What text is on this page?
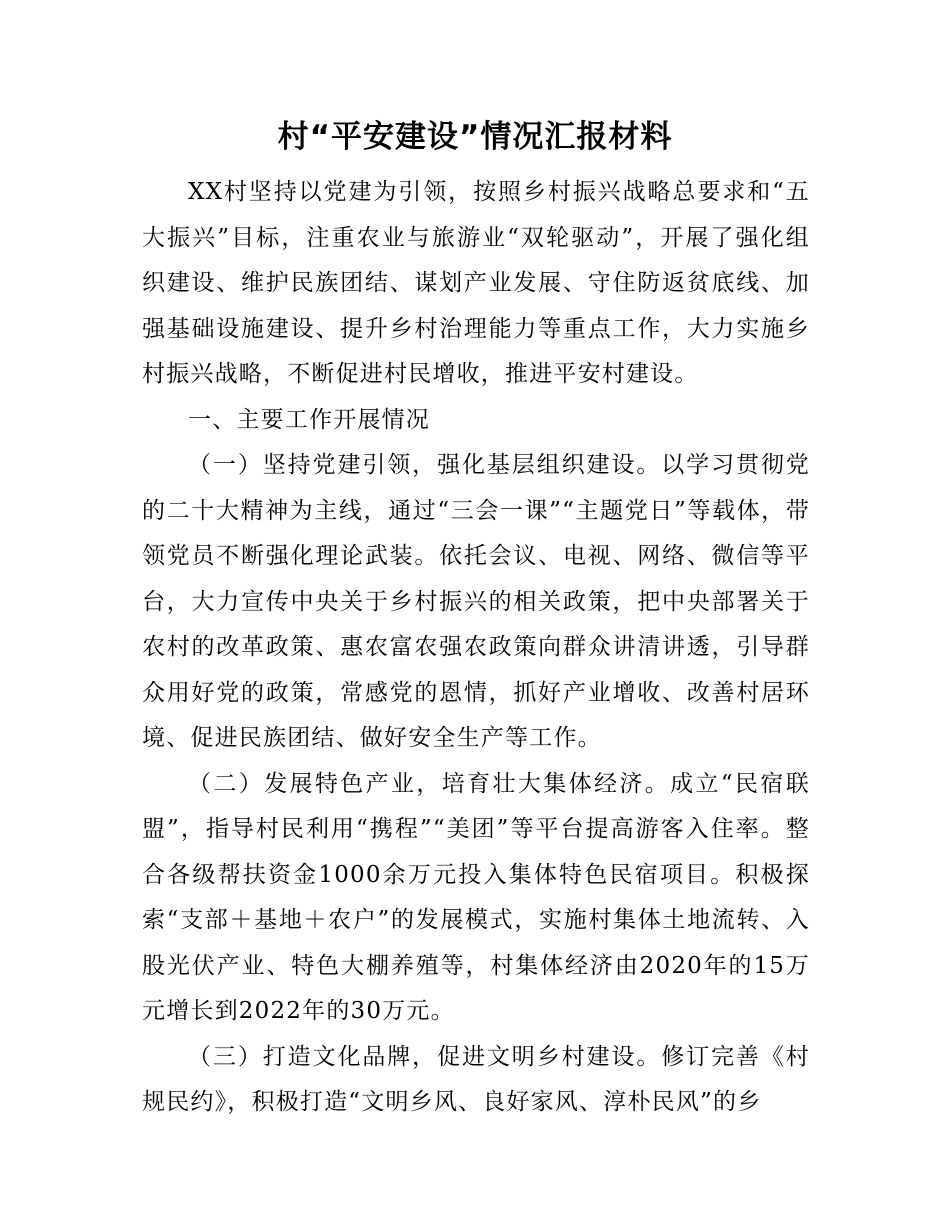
村“平安建设”情况汇报材料

XX村坚持以党建为引领，按照乡村振兴战略总要求和“五大振兴”目标，注重农业与旅游业“双轮驱动”，开展了强化组织建设、维护民族团结、谋划产业发展、守住防返贫底线、加强基础设施建设、提升乡村治理能力等重点工作，大力实施乡村振兴战略，不断促进村民增收，推进平安村建设。

一、主要工作开展情况

（一）坚持党建引领，强化基层组织建设。以学习贯彻党的二十大精神为主线，通过“三会一课”“主题党日”等载体，带领党员不断强化理论武装。依托会议、电视、网络、微信等平台，大力宣传中央关于乡村振兴的相关政策，把中央部署关于农村的改革政策、惠农富农强农政策向群众讲清讲透，引导群众用好党的政策，常感党的恩情，抓好产业增收、改善村居环境、促进民族团结、做好安全生产等工作。

（二）发展特色产业，培育壮大集体经济。成立“民宿联盟”，指导村民利用“携程”“美团”等平台提高游客入住率。整合各级帮扶资金1000余万元投入集体特色民宿项目。积极探索“支部＋基地＋农户”的发展模式，实施村集体土地流转、入股光伏产业、特色大棚养殖等，村集体经济由2020年的15万元增长到2022年的30万元。

（三）打造文化品牌，促进文明乡村建设。修订完善《村规民约》，积极打造“文明乡风、良好家风、淳朴民风”的乡
